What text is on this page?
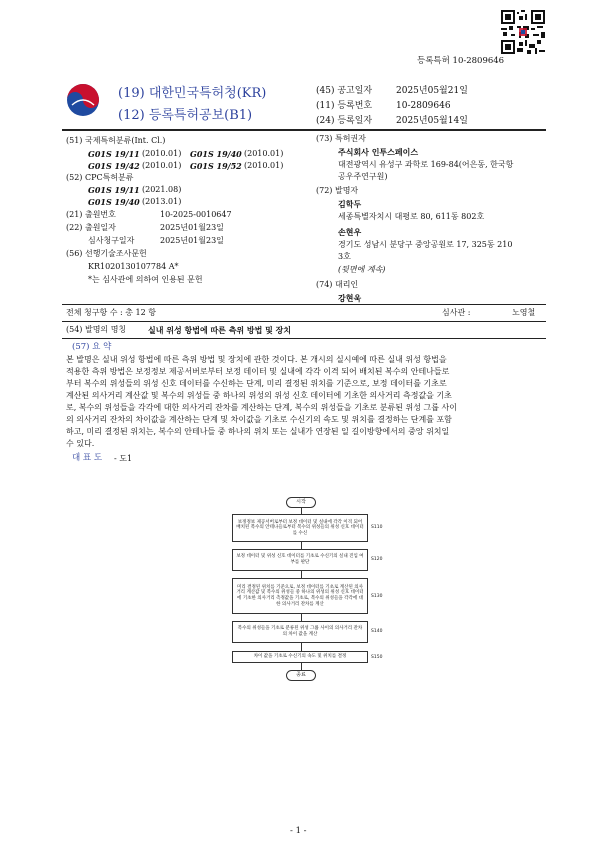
등록특허 10-2809646
(19) 대한민국특허청(KR)
(12) 등록특허공보(B1)
(45) 공고일자	2025년05월21일
(11) 등록번호	10-2809646
(24) 등록일자	2025년05월14일
(51) 국제특허분류(Int. Cl.)
G01S 19/11 (2010.01) G01S 19/40 (2010.01)
G01S 19/42 (2010.01) G01S 19/52 (2010.01)
(52) CPC특허분류
G01S 19/11 (2021.08)
G01S 19/40 (2013.01)
(21) 출원번호	10-2025-0010647
(22) 출원일자	2025년01월23일
심사청구일자	2025년01월23일
(56) 선행기술조사문헌
KR1020130107784 A*
*는 심사관에 의하여 인용된 문헌
(73) 특허권자
주식회사 인투스페이스
대전광역시 유성구 과학로 169-84(어은동, 한국항
공우주연구원)
(72) 발명자
김학두
세종특별자치시 대평로 80, 611동 802호
손현우
경기도 성남시 분당구 중앙공원로 17, 325동 210
3호
(뒷면에 계속)
(74) 대리인
강현욱
전체 청구항 수 : 총 12 항	심사관 :	노영철
(54) 발명의 명칭	실내 위성 항법에 따른 측위 방법 및 장치
(57) 요 약
본 발명은 실내 위성 항법에 따른 측위 방법 및 장치에 관한 것이다. 본 개시의 실시예에 따른 실내 위성 항법을
적용한 측위 방법은 보정정보 제공서버로부터 보정 데이터 및 실내에 각각 이격 되어 배치된 복수의 안테나들로
부터 복수의 위성들의 위성 신호 데이터를 수신하는 단계, 미리 결정된 위치를 기준으로, 보정 데이터를 기초로
계산된 의사거리 계산값 및 복수의 위성들 중 하나의 위성의 위성 신호 데이터에 기초한 의사거리 측정값을 기초
로, 복수의 위성들을 각각에 대한 의사거리 잔차를 계산하는 단계, 복수의 위성들을 기초로 분류된 위성 그룹 사이
의 의사거리 잔차의 차이값을 계산하는 단계 및 차이값을 기초로 수신기의 속도 및 위치를 결정하는 단계를 포함
하고, 미리 결정된 위치는, 복수의 안테나들 중 하나의 위치 또는 실내가 연장된 일 길이방향에서의 중앙 위치일
수 있다.
대 표 도 - 도1
시작
보정정보 제공서버로부터 보정 데이터 및 실내에 각각 이격 되어 배치된 복수의 안테나들로부터 복수의 위성들의 위성 신호 데이터를 수신
S110
보정 데이터 및 위성 신호 데이터를 기초로 수신기의 실내 진입 여부를 판단
S120
미리 결정된 위치를 기준으로, 보정 데이터를 기초로 계산된 의사거리 계산값 및 복수의 위성들 중 하나의 위성의 위성 신호 데이터에 기초한 의사거리 측정값을 기초로, 복수의 위성들을 각각에 대한 의사거리 잔차를 계산
S130
복수의 위성들을 기초로 분류된 위성 그룹 사이의 의사거리 잔차의 차이 값을 계산
S140
차이 값을 기초로 수신기의 속도 및 위치를 결정	S150
종료
- 1 -
